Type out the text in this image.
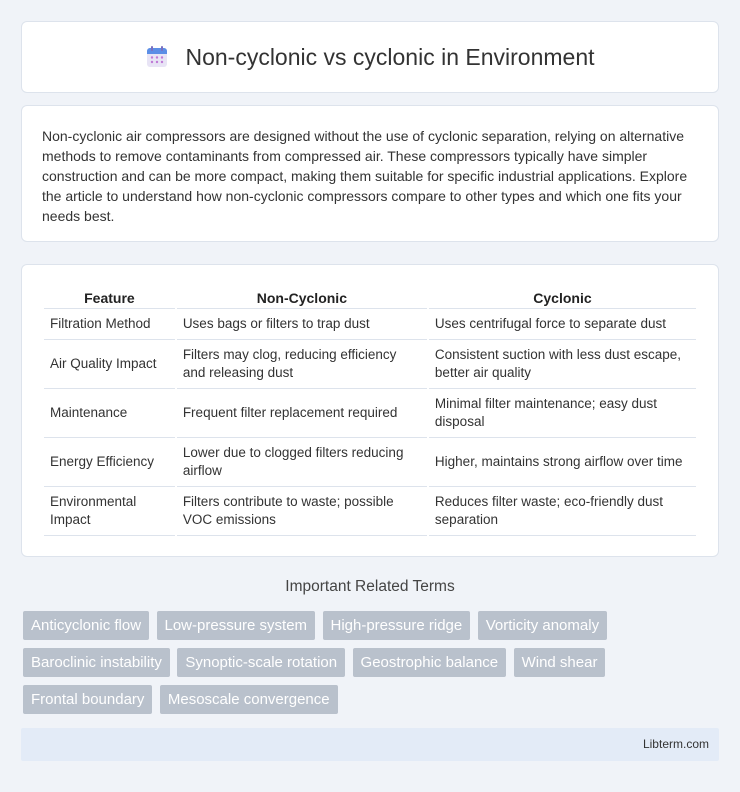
Non-cyclonic vs cyclonic in Environment

Non-cyclonic air compressors are designed without the use of cyclonic separation, relying on alternative methods to remove contaminants from compressed air. These compressors typically have simpler construction and can be more compact, making them suitable for specific industrial applications. Explore the article to understand how non-cyclonic compressors compare to other types and which one fits your needs best.

Feature	Non-Cyclonic	Cyclonic
Filtration Method	Uses bags or filters to trap dust	Uses centrifugal force to separate dust
Air Quality Impact	Filters may clog, reducing efficiency and releasing dust	Consistent suction with less dust escape, better air quality
Maintenance	Frequent filter replacement required	Minimal filter maintenance; easy dust disposal
Energy Efficiency	Lower due to clogged filters reducing airflow	Higher, maintains strong airflow over time
Environmental Impact	Filters contribute to waste; possible VOC emissions	Reduces filter waste; eco-friendly dust separation
Important Related Terms
Anticyclonic flow Low-pressure system High-pressure ridge Vorticity anomaly Baroclinic instability Synoptic-scale rotation Geostrophic balance Wind shear Frontal boundary Mesoscale convergence
Libterm.com
